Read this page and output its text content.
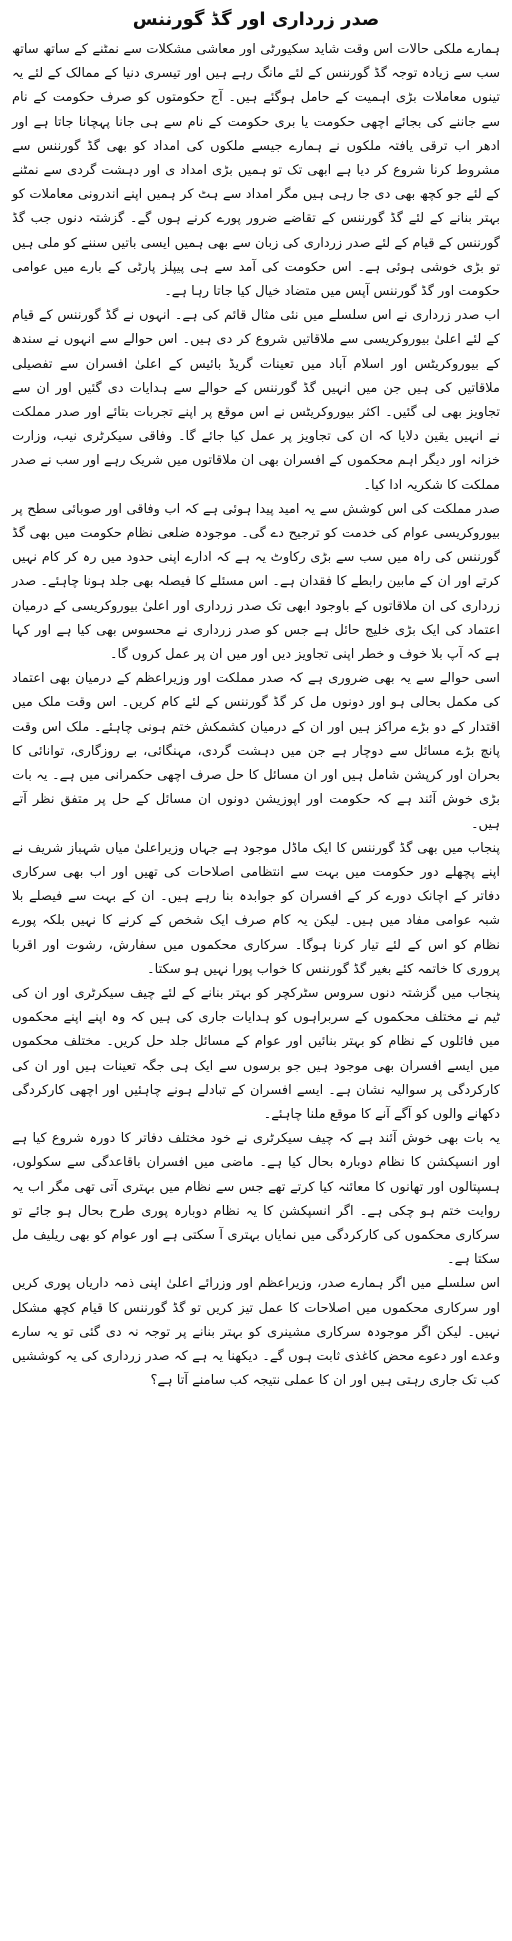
صدر زرداری اور گڈ گورننس

ہمارے ملکی حالات اس وقت شاید سکیورٹی اور معاشی مشکلات سے نمٹنے کے ساتھ ساتھ سب سے زیادہ توجہ گڈ گورننس کے لئے مانگ رہے ہیں اور تیسری دنیا کے ممالک کے لئے یہ تینوں معاملات بڑی اہمیت کے حامل ہوگئے ہیں۔ آج حکومتوں کو صرف حکومت کے نام سے جاننے کی بجائے اچھی حکومت یا بری حکومت کے نام سے ہی جانا پہچانا جاتا ہے اور ادھر اب ترقی یافتہ ملکوں نے ہمارے جیسے ملکوں کی امداد کو بھی گڈ گورننس سے مشروط کرنا شروع کر دیا ہے ابھی تک تو ہمیں بڑی امداد ی اور دہشت گردی سے نمٹنے کے لئے جو کچھ بھی دی جا رہی ہیں مگر امداد سے ہٹ کر ہمیں اپنے اندرونی معاملات کو بہتر بنانے کے لئے گڈ گورننس کے تقاضے ضرور پورے کرنے ہوں گے۔ گزشتہ دنوں جب گڈ گورننس کے قیام کے لئے صدر زرداری کی زبان سے بھی ہمیں ایسی باتیں سننے کو ملی ہیں تو بڑی خوشی ہوئی ہے۔ اس حکومت کی آمد سے ہی پیپلز پارٹی کے بارے میں عوامی حکومت اور گڈ گورننس آپس میں متضاد خیال کیا جاتا رہا ہے۔

اب صدر زرداری نے اس سلسلے میں نئی مثال قائم کی ہے۔ انہوں نے گڈ گورننس کے قیام کے لئے اعلیٰ بیوروکریسی سے ملاقاتیں شروع کر دی ہیں۔ اس حوالے سے انہوں نے سندھ کے بیوروکریٹس اور اسلام آباد میں تعینات گریڈ بائیس کے اعلیٰ افسران سے تفصیلی ملاقاتیں کی ہیں جن میں انہیں گڈ گورننس کے حوالے سے ہدایات دی گئیں اور ان سے تجاویز بھی لی گئیں۔ اکثر بیوروکریٹس نے اس موقع پر اپنے تجربات بتائے اور صدر مملکت نے انہیں یقین دلایا کہ ان کی تجاویز پر عمل کیا جائے گا۔ وفاقی سیکرٹری نیب، وزارت خزانہ اور دیگر اہم محکموں کے افسران بھی ان ملاقاتوں میں شریک رہے اور سب نے صدر مملکت کا شکریہ ادا کیا۔

صدر مملکت کی اس کوشش سے یہ امید پیدا ہوئی ہے کہ اب وفاقی اور صوبائی سطح پر بیوروکریسی عوام کی خدمت کو ترجیح دے گی۔ موجودہ ضلعی نظام حکومت میں بھی گڈ گورننس کی راہ میں سب سے بڑی رکاوٹ یہ ہے کہ ادارے اپنی حدود میں رہ کر کام نہیں کرتے اور ان کے مابین رابطے کا فقدان ہے۔ اس مسئلے کا فیصلہ بھی جلد ہونا چاہئے۔ صدر زرداری کی ان ملاقاتوں کے باوجود ابھی تک صدر زرداری اور اعلیٰ بیوروکریسی کے درمیان اعتماد کی ایک بڑی خلیج حائل ہے جس کو صدر زرداری نے محسوس بھی کیا ہے اور کہا ہے کہ آپ بلا خوف و خطر اپنی تجاویز دیں اور میں ان پر عمل کروں گا۔

اسی حوالے سے یہ بھی ضروری ہے کہ صدر مملکت اور وزیراعظم کے درمیان بھی اعتماد کی مکمل بحالی ہو اور دونوں مل کر گڈ گورننس کے لئے کام کریں۔ اس وقت ملک میں اقتدار کے دو بڑے مراکز ہیں اور ان کے درمیان کشمکش ختم ہونی چاہئے۔ ملک اس وقت پانچ بڑے مسائل سے دوچار ہے جن میں دہشت گردی، مہنگائی، بے روزگاری، توانائی کا بحران اور کرپشن شامل ہیں اور ان مسائل کا حل صرف اچھی حکمرانی میں ہے۔ یہ بات بڑی خوش آئند ہے کہ حکومت اور اپوزیشن دونوں ان مسائل کے حل پر متفق نظر آتے ہیں۔

پنجاب میں بھی گڈ گورننس کا ایک ماڈل موجود ہے جہاں وزیراعلیٰ میاں شہباز شریف نے اپنے پچھلے دور حکومت میں بہت سے انتظامی اصلاحات کی تھیں اور اب بھی سرکاری دفاتر کے اچانک دورے کر کے افسران کو جوابدہ بنا رہے ہیں۔ ان کے بہت سے فیصلے بلا شبہ عوامی مفاد میں ہیں۔ لیکن یہ کام صرف ایک شخص کے کرنے کا نہیں بلکہ پورے نظام کو اس کے لئے تیار کرنا ہوگا۔ سرکاری محکموں میں سفارش، رشوت اور اقربا پروری کا خاتمہ کئے بغیر گڈ گورننس کا خواب پورا نہیں ہو سکتا۔

پنجاب میں گزشتہ دنوں سروس سٹرکچر کو بہتر بنانے کے لئے چیف سیکرٹری اور ان کی ٹیم نے مختلف محکموں کے سربراہوں کو ہدایات جاری کی ہیں کہ وہ اپنے اپنے محکموں میں فائلوں کے نظام کو بہتر بنائیں اور عوام کے مسائل جلد حل کریں۔ مختلف محکموں میں ایسے افسران بھی موجود ہیں جو برسوں سے ایک ہی جگہ تعینات ہیں اور ان کی کارکردگی پر سوالیہ نشان ہے۔ ایسے افسران کے تبادلے ہونے چاہئیں اور اچھی کارکردگی دکھانے والوں کو آگے آنے کا موقع ملنا چاہئے۔

یہ بات بھی خوش آئند ہے کہ چیف سیکرٹری نے خود مختلف دفاتر کا دورہ شروع کیا ہے اور انسپکشن کا نظام دوبارہ بحال کیا ہے۔ ماضی میں افسران باقاعدگی سے سکولوں، ہسپتالوں اور تھانوں کا معائنہ کیا کرتے تھے جس سے نظام میں بہتری آتی تھی مگر اب یہ روایت ختم ہو چکی ہے۔ اگر انسپکشن کا یہ نظام دوبارہ پوری طرح بحال ہو جائے تو سرکاری محکموں کی کارکردگی میں نمایاں بہتری آ سکتی ہے اور عوام کو بھی ریلیف مل سکتا ہے۔

اس سلسلے میں اگر ہمارے صدر، وزیراعظم اور وزرائے اعلیٰ اپنی ذمہ داریاں پوری کریں اور سرکاری محکموں میں اصلاحات کا عمل تیز کریں تو گڈ گورننس کا قیام کچھ مشکل نہیں۔ لیکن اگر موجودہ سرکاری مشینری کو بہتر بنانے پر توجہ نہ دی گئی تو یہ سارے وعدے اور دعوے محض کاغذی ثابت ہوں گے۔ دیکھنا یہ ہے کہ صدر زرداری کی یہ کوششیں کب تک جاری رہتی ہیں اور ان کا عملی نتیجہ کب سامنے آتا ہے؟
